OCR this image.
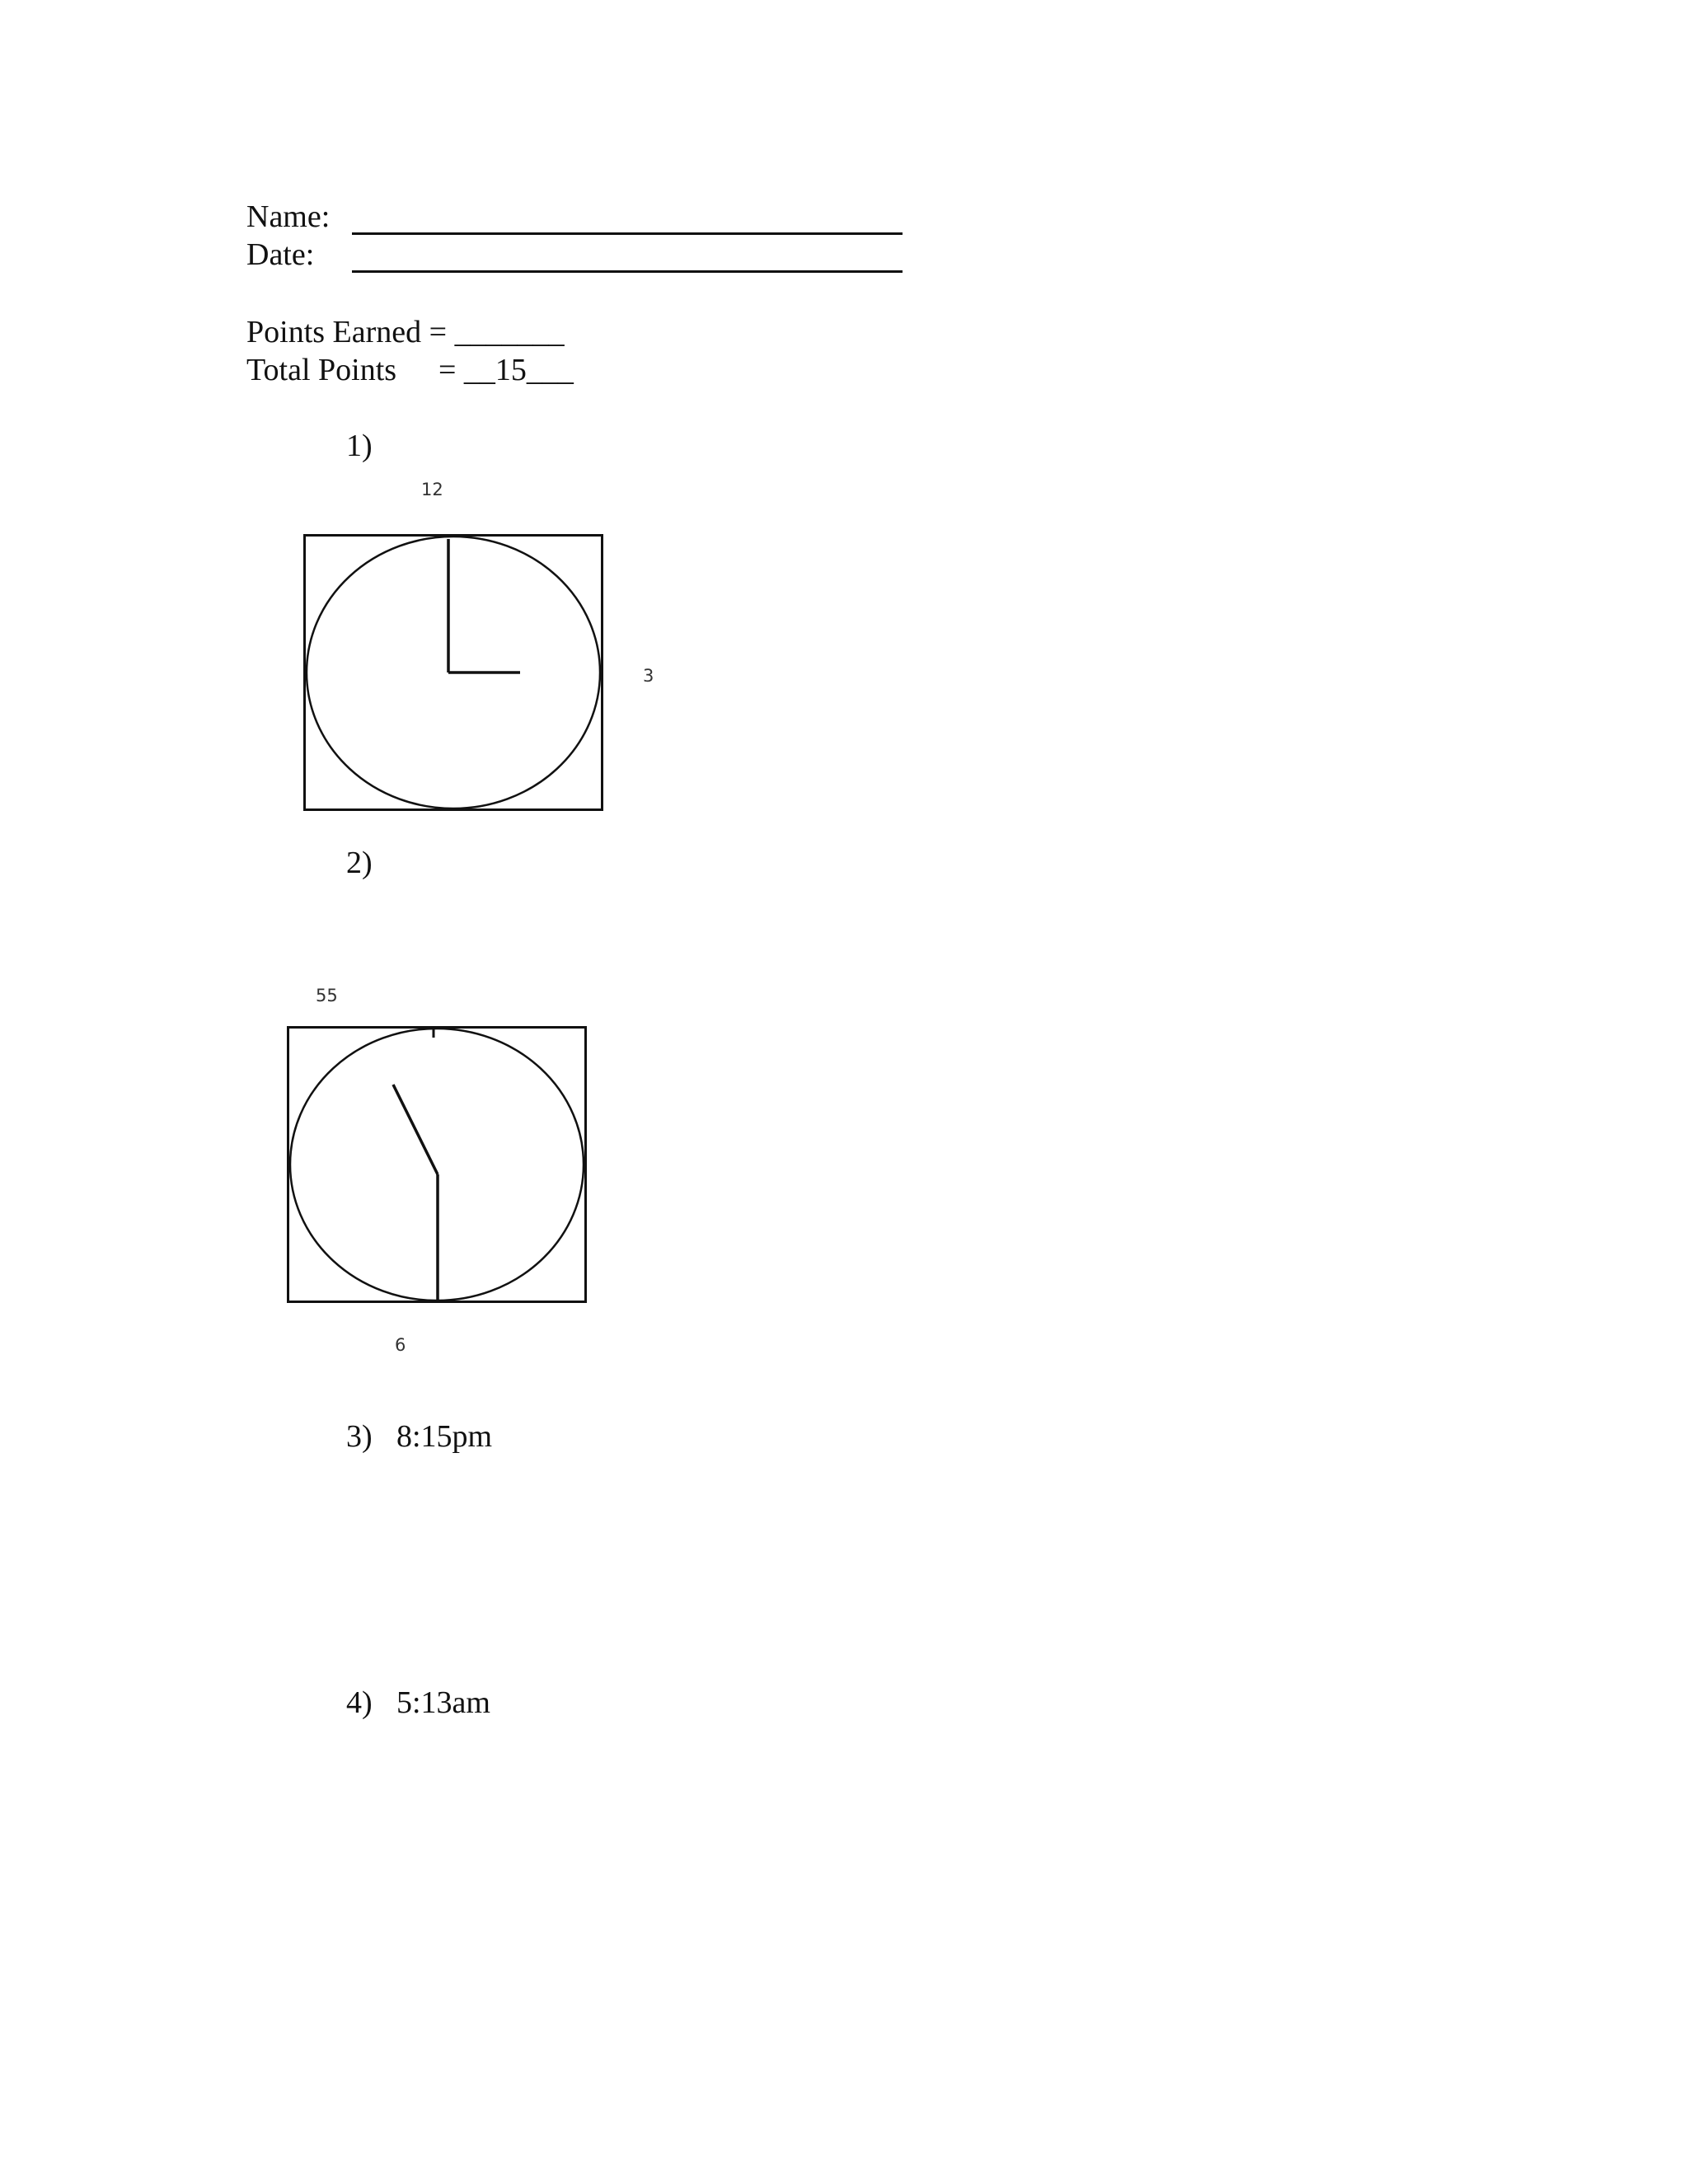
Name:
Date:
Points Earned = _______
Total Points = __15___
1)
12
3
2)
55
6
3) 8:15pm
4) 5:13am
